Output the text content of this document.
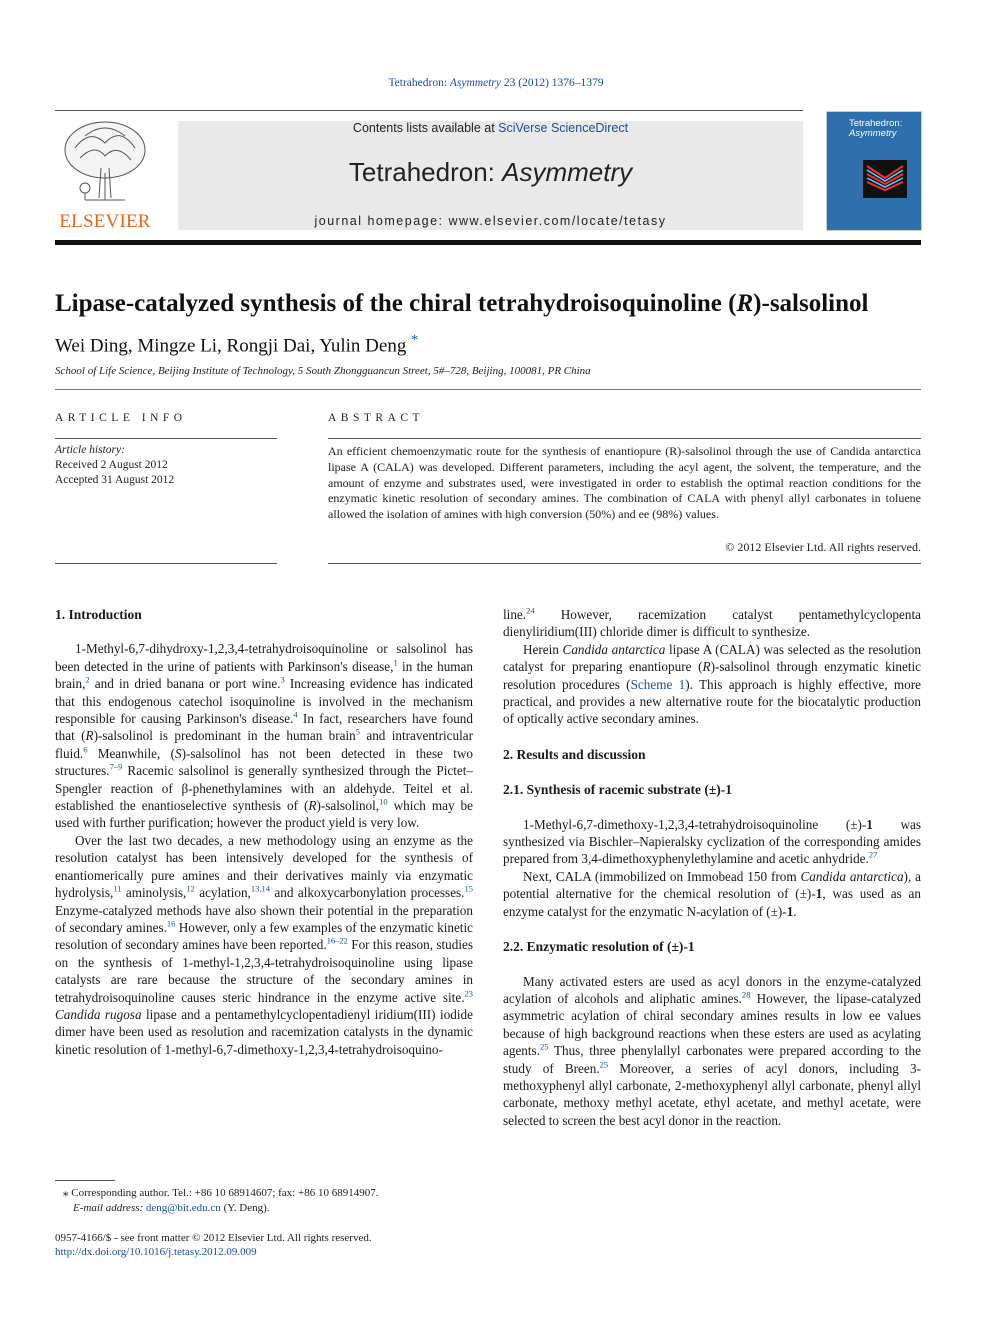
Tetrahedron: Asymmetry 23 (2012) 1376–1379
ELSEVIER
Contents lists available at SciVerse ScienceDirect
Tetrahedron: Asymmetry
journal homepage: www.elsevier.com/locate/tetasy
Tetrahedron:
Asymmetry
Lipase-catalyzed synthesis of the chiral tetrahydroisoquinoline (R)-salsolinol
Wei Ding, Mingze Li, Rongji Dai, Yulin Deng *
School of Life Science, Beijing Institute of Technology, 5 South Zhongguancun Street, 5#–728, Beijing, 100081, PR China
ARTICLE INFO	ABSTRACT
Article history:
Received 2 August 2012
Accepted 31 August 2012
An efficient chemoenzymatic route for the synthesis of enantiopure (R)-salsolinol through the use of Candida antarctica lipase A (CALA) was developed. Different parameters, including the acyl agent, the solvent, the temperature, and the amount of enzyme and substrates used, were investigated in order to establish the optimal reaction conditions for the enzymatic kinetic resolution of secondary amines. The combination of CALA with phenyl allyl carbonates in toluene allowed the isolation of amines with high conversion (50%) and ee (98%) values.
© 2012 Elsevier Ltd. All rights reserved.
1. Introduction

1-Methyl-6,7-dihydroxy-1,2,3,4-tetrahydroisoquinoline or salsolinol has been detected in the urine of patients with Parkinson's disease,$^1$ in the human brain,$^2$ and in dried banana or port wine.$^3$ Increasing evidence has indicated that this endogenous catechol isoquinoline is involved in the mechanism responsible for causing Parkinson's disease.$^4$ In fact, researchers have found that (R)-salsolinol is predominant in the human brain$^5$ and intraventricular fluid.$^6$ Meanwhile, (S)-salsolinol has not been detected in these two structures.$^{7-9}$ Racemic salsolinol is generally synthesized through the Pictet–Spengler reaction of β-phenethylamines with an aldehyde. Teitel et al. established the enantioselective synthesis of (R)-salsolinol,$^{10}$ which may be used with further purification; however the product yield is very low.

Over the last two decades, a new methodology using an enzyme as the resolution catalyst has been intensively developed for the synthesis of enantiomerically pure amines and their derivatives mainly via enzymatic hydrolysis,$^{11}$ aminolysis,$^{12}$ acylation,$^{13,14}$ and alkoxycarbonylation processes.$^{15}$ Enzyme-catalyzed methods have also shown their potential in the preparation of secondary amines.$^{16}$ However, only a few examples of the enzymatic kinetic resolution of secondary amines have been reported.$^{16-22}$ For this reason, studies on the synthesis of 1-methyl-1,2,3,4-tetrahydroisoquinoline using lipase catalysts are rare because the structure of the secondary amines in tetrahydroisoquinoline causes steric hindrance in the enzyme active site.$^{23}$ Candida rugosa lipase and a pentamethylcyclopentadienyl iridium(III) iodide dimer have been used as resolution and racemization catalysts in the dynamic kinetic resolution of 1-methyl-6,7-dimethoxy-1,2,3,4-tetrahydroisoquino-

line.$^{24}$ However, racemization catalyst pentamethylcyclopenta dienyliridium(III) chloride dimer is difficult to synthesize.

Herein Candida antarctica lipase A (CALA) was selected as the resolution catalyst for preparing enantiopure (R)-salsolinol through enzymatic kinetic resolution procedures (Scheme 1). This approach is highly effective, more practical, and provides a new alternative route for the biocatalytic production of optically active secondary amines.

2. Results and discussion
2.1. Synthesis of racemic substrate (±)-1

1-Methyl-6,7-dimethoxy-1,2,3,4-tetrahydroisoquinoline (±)-1 was synthesized via Bischler–Napieralsky cyclization of the corresponding amides prepared from 3,4-dimethoxyphenylethylamine and acetic anhydride.$^{27}$

Next, CALA (immobilized on Immobead 150 from Candida antarctica), a potential alternative for the chemical resolution of (±)-1, was used as an enzyme catalyst for the enzymatic N-acylation of (±)-1.

2.2. Enzymatic resolution of (±)-1

Many activated esters are used as acyl donors in the enzyme-catalyzed acylation of alcohols and aliphatic amines.$^{28}$ However, the lipase-catalyzed asymmetric acylation of chiral secondary amines results in low ee values because of high background reactions when these esters are used as acylating agents.$^{25}$ Thus, three phenylallyl carbonates were prepared according to the study of Breen.$^{25}$ Moreover, a series of acyl donors, including 3-methoxyphenyl allyl carbonate, 2-methoxyphenyl allyl carbonate, phenyl allyl carbonate, methoxy methyl acetate, ethyl acetate, and methyl acetate, were selected to screen the best acyl donor in the reaction.

⁎ Corresponding author. Tel.: +86 10 68914607; fax: +86 10 68914907.
E-mail address: deng@bit.edu.cn (Y. Deng).
0957-4166/$ - see front matter © 2012 Elsevier Ltd. All rights reserved.
http://dx.doi.org/10.1016/j.tetasy.2012.09.009
